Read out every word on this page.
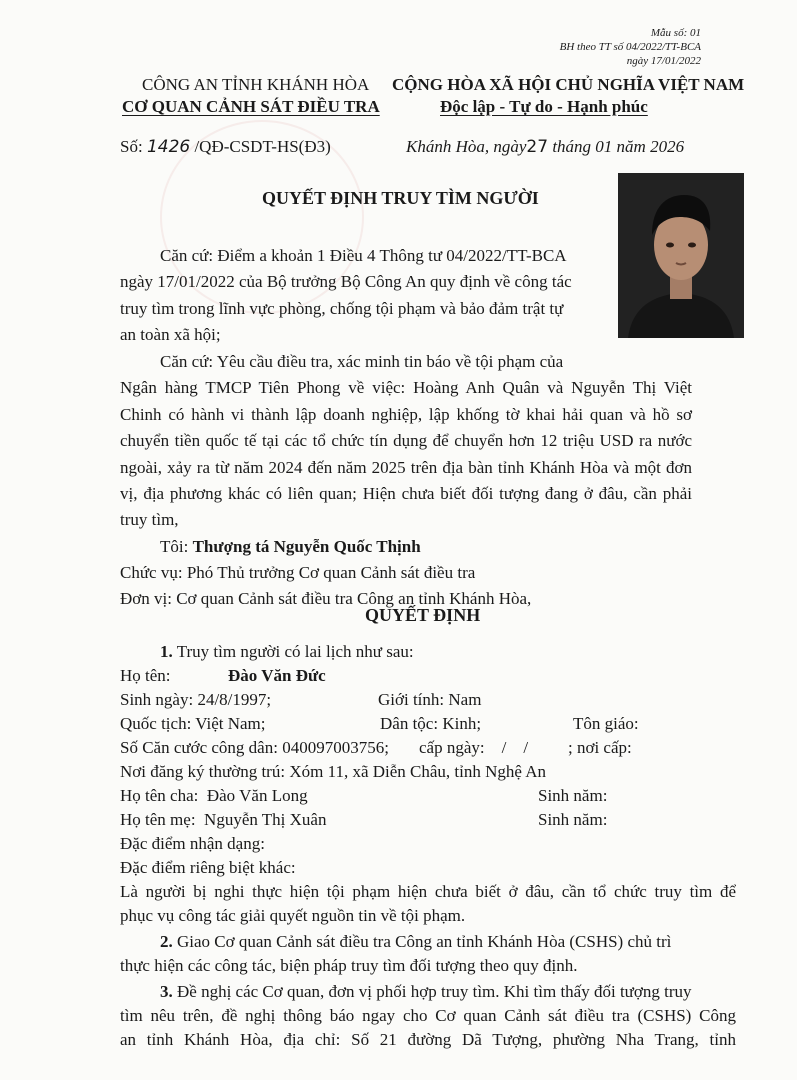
Mẫu số: 01
BH theo TT số 04/2022/TT-BCA
ngày 17/01/2022
CÔNG AN TỈNH KHÁNH HÒA
CƠ QUAN CẢNH SÁT ĐIỀU TRA
CỘNG HÒA XÃ HỘI CHỦ NGHĨA VIỆT NAM
Độc lập - Tự do - Hạnh phúc
Số: 1426 /QĐ-CSDT-HS(Đ3)	Khánh Hòa, ngày27 tháng 01 năm 2026
QUYẾT ĐỊNH TRUY TÌM NGƯỜI
Căn cứ: Điểm a khoản 1 Điều 4 Thông tư 04/2022/TT-BCA
ngày 17/01/2022 của Bộ trưởng Bộ Công An quy định về công tác
truy tìm trong lĩnh vực phòng, chống tội phạm và bảo đảm trật tự
an toàn xã hội;
Căn cứ: Yêu cầu điều tra, xác minh tin báo về tội phạm của
Ngân hàng TMCP Tiên Phong về việc: Hoàng Anh Quân và Nguyễn Thị Việt
Chinh có hành vi thành lập doanh nghiệp, lập khống tờ khai hải quan và hồ sơ
chuyển tiền quốc tế tại các tổ chức tín dụng để chuyển hơn 12 triệu USD ra nước
ngoài, xảy ra từ năm 2024 đến năm 2025 trên địa bàn tỉnh Khánh Hòa và một đơn
vị, địa phương khác có liên quan; Hiện chưa biết đối tượng đang ở đâu, cần phải
truy tìm,
Tôi: Thượng tá Nguyễn Quốc Thịnh
Chức vụ: Phó Thủ trưởng Cơ quan Cảnh sát điều tra
Đơn vị: Cơ quan Cảnh sát điều tra Công an tỉnh Khánh Hòa,
QUYẾT ĐỊNH
1. Truy tìm người có lai lịch như sau:
Họ tên:	Đào Văn Đức
Sinh ngày: 24/8/1997;	Giới tính: Nam
Quốc tịch: Việt Nam;	Dân tộc: Kinh;	Tôn giáo:
Số Căn cước công dân: 040097003756; cấp ngày:    /    / ; nơi cấp:
Nơi đăng ký thường trú: Xóm 11, xã Diễn Châu, tỉnh Nghệ An
Họ tên cha:  Đào Văn Long	Sinh năm:
Họ tên mẹ:  Nguyễn Thị Xuân	Sinh năm:
Đặc điểm nhận dạng:
Đặc điểm riêng biệt khác:
Là người bị nghi thực hiện tội phạm hiện chưa biết ở đâu, cần tổ chức truy tìm để
phục vụ công tác giải quyết nguồn tin về tội phạm.
2. Giao Cơ quan Cảnh sát điều tra Công an tỉnh Khánh Hòa (CSHS) chủ trì
thực hiện các công tác, biện pháp truy tìm đối tượng theo quy định.
3. Đề nghị các Cơ quan, đơn vị phối hợp truy tìm. Khi tìm thấy đối tượng truy
tìm nêu trên, đề nghị thông báo ngay cho Cơ quan Cảnh sát điều tra (CSHS) Công
an tỉnh Khánh Hòa, địa chỉ: Số 21 đường Dã Tượng, phường Nha Trang, tỉnh
